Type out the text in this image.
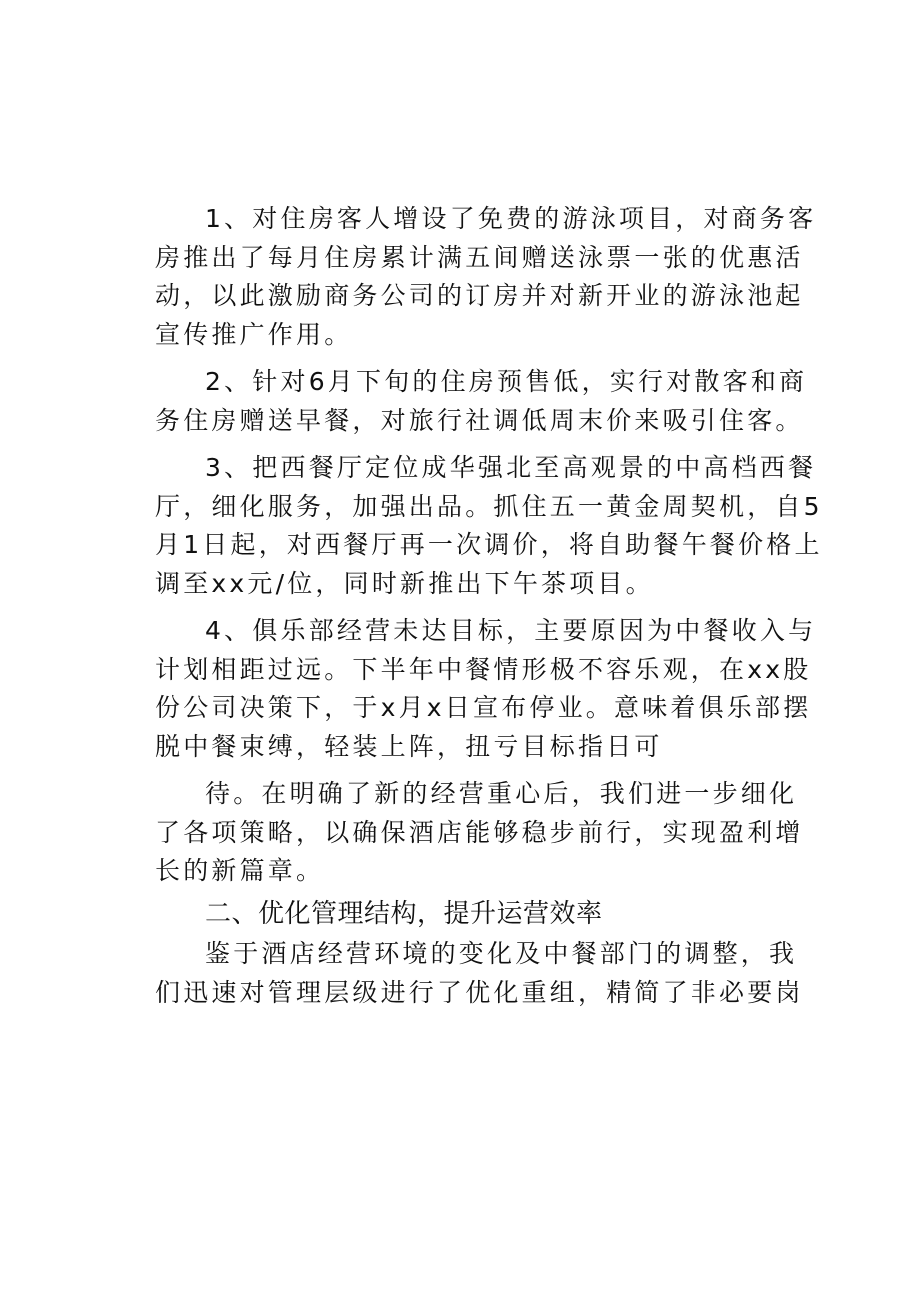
1、对住房客人增设了免费的游泳项目，对商务客
房推出了每月住房累计满五间赠送泳票一张的优惠活
动，以此激励商务公司的订房并对新开业的游泳池起
宣传推广作用。
2、针对6月下旬的住房预售低，实行对散客和商
务住房赠送早餐，对旅行社调低周末价来吸引住客。
3、把西餐厅定位成华强北至高观景的中高档西餐
厅，细化服务，加强出品。抓住五一黄金周契机，自5
月1日起，对西餐厅再一次调价，将自助餐午餐价格上
调至xx元/位，同时新推出下午茶项目。
4、俱乐部经营未达目标，主要原因为中餐收入与
计划相距过远。下半年中餐情形极不容乐观，在xx股
份公司决策下，于x月x日宣布停业。意味着俱乐部摆
脱中餐束缚，轻装上阵，扭亏目标指日可
待。在明确了新的经营重心后，我们进一步细化
了各项策略，以确保酒店能够稳步前行，实现盈利增
长的新篇章。
二、优化管理结构，提升运营效率
鉴于酒店经营环境的变化及中餐部门的调整，我
们迅速对管理层级进行了优化重组，精简了非必要岗
